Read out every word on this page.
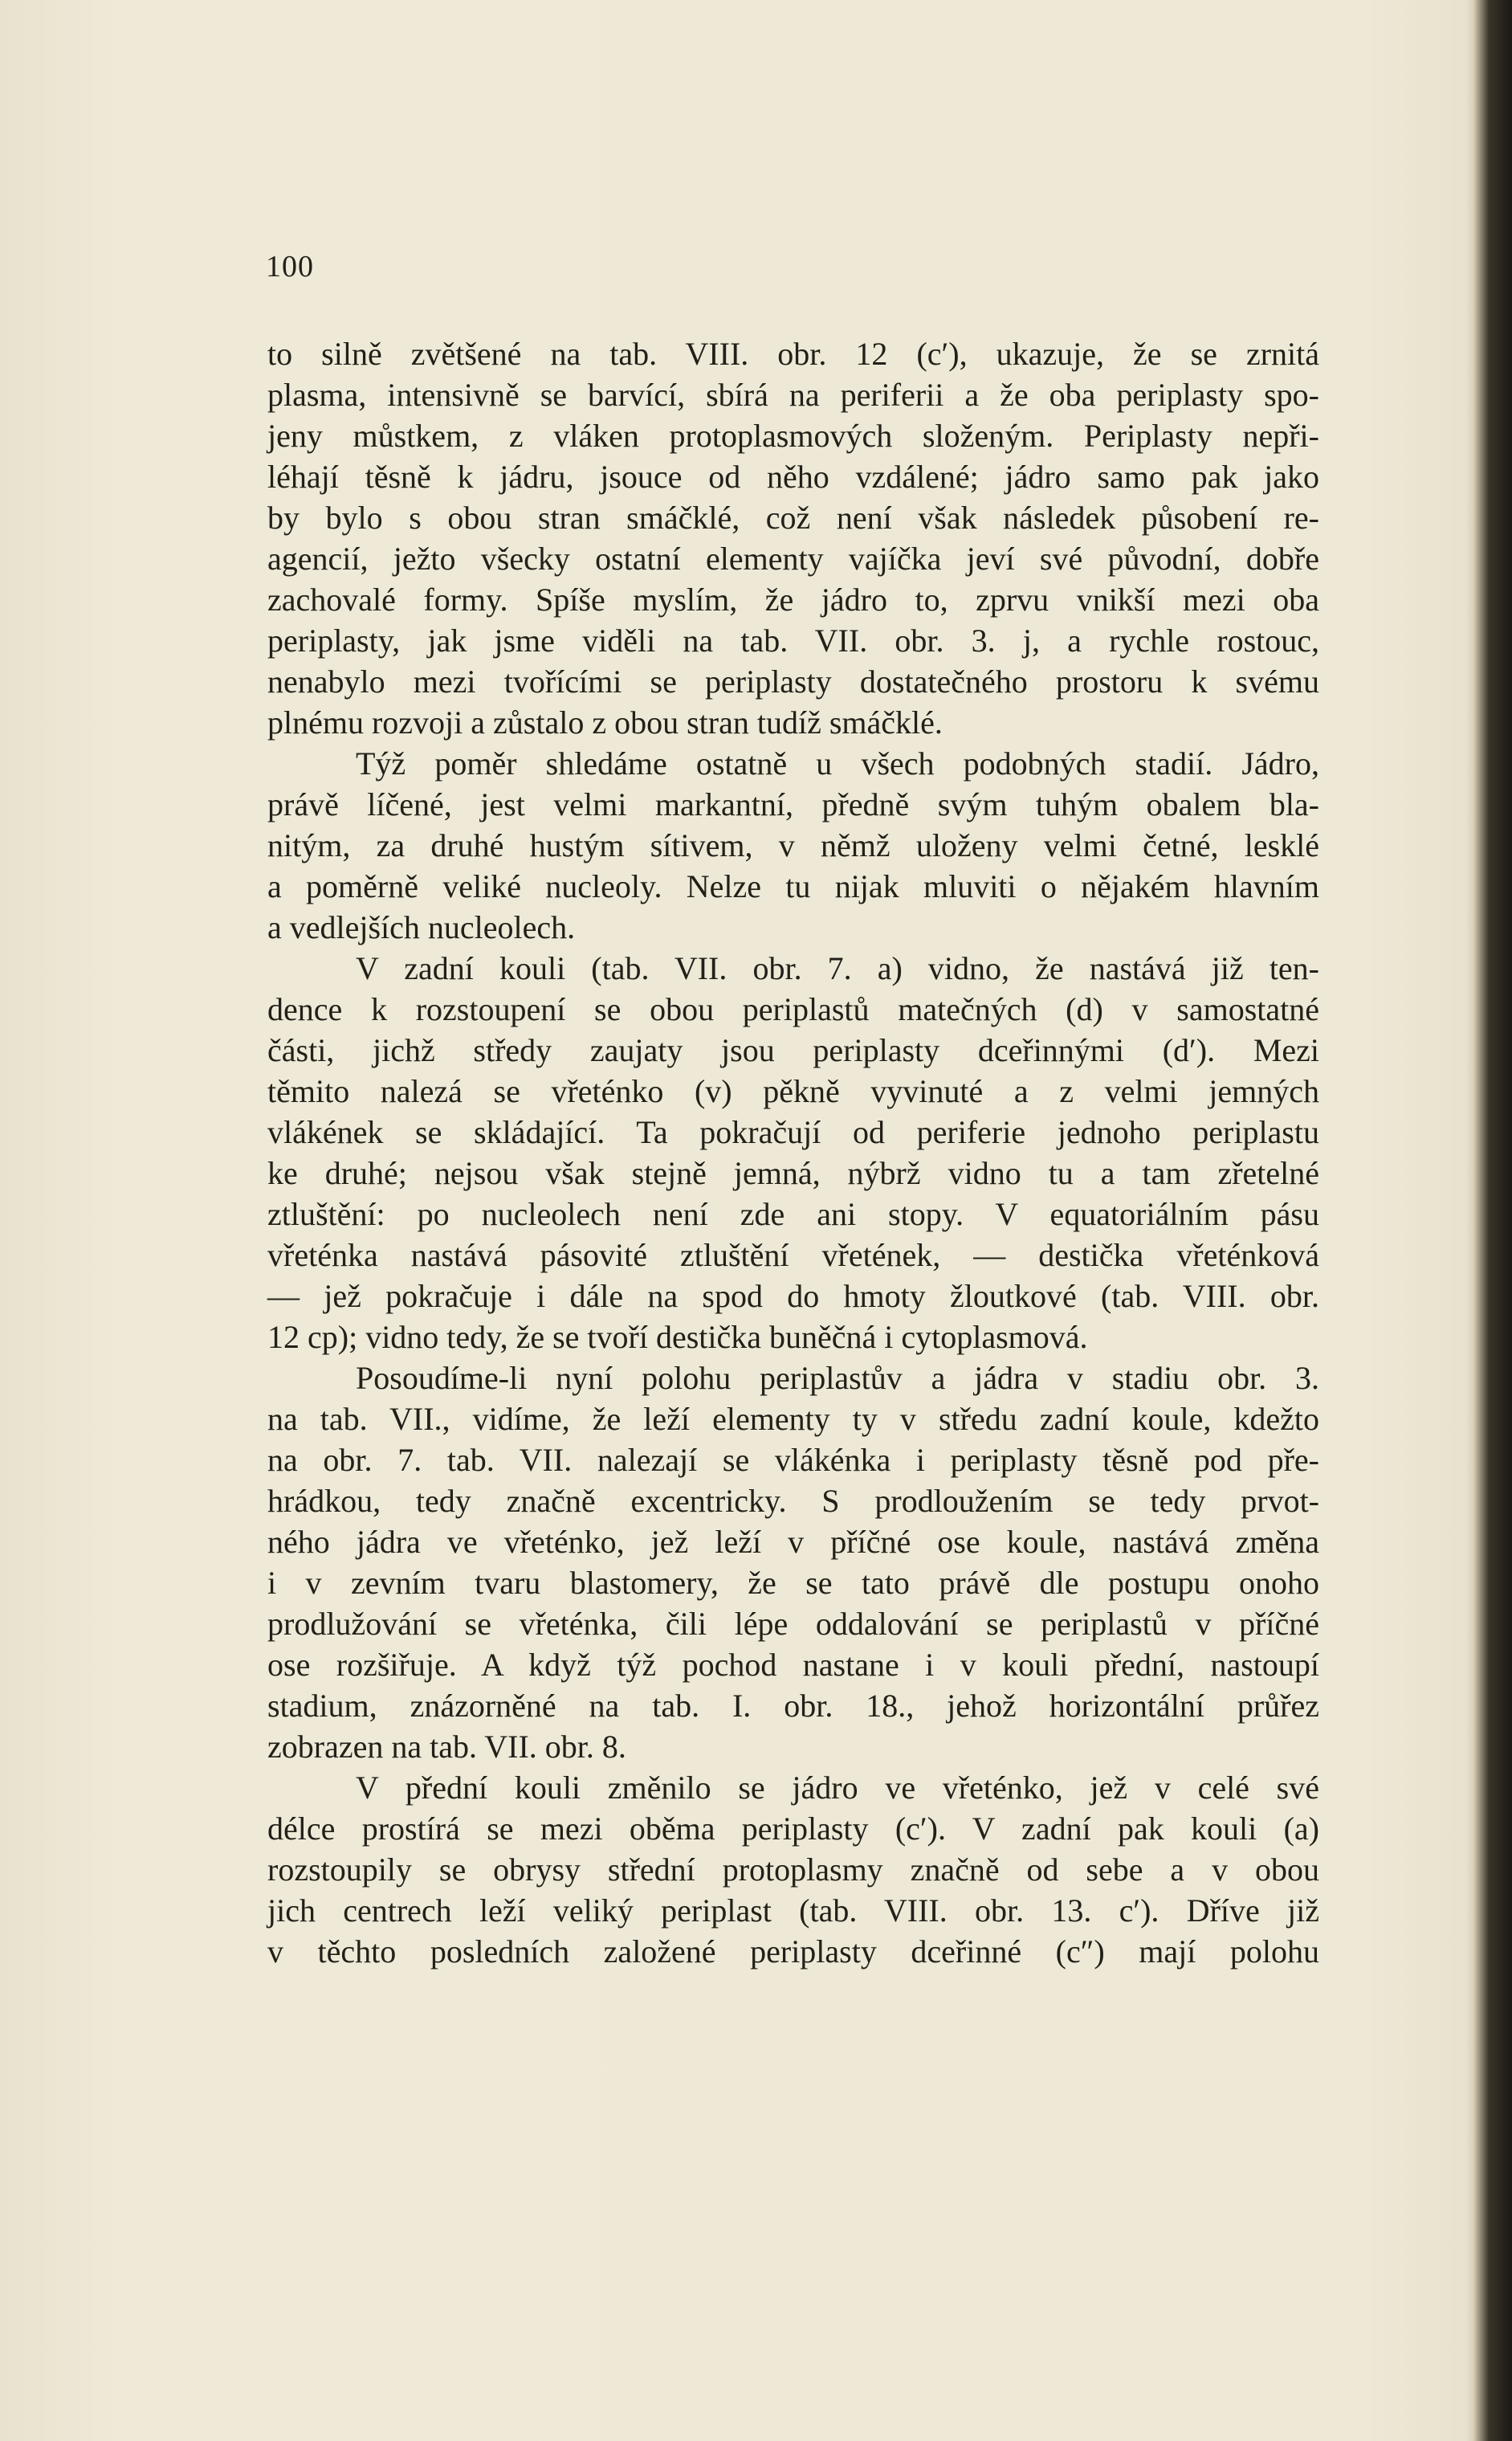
100
to silně zvětšené na tab. VIII. obr. 12 (c′), ukazuje, že se zrnitá
plasma, intensivně se barvící, sbírá na periferii a že oba periplasty spo-
jeny můstkem, z vláken protoplasmových složeným. Periplasty nepři-
léhají těsně k jádru, jsouce od něho vzdálené; jádro samo pak jako
by bylo s obou stran smáčklé, což není však následek působení re-
agencií, ježto všecky ostatní elementy vajíčka jeví své původní, dobře
zachovalé formy. Spíše myslím, že jádro to, zprvu vnikší mezi oba
periplasty, jak jsme viděli na tab. VII. obr. 3. j, a rychle rostouc,
nenabylo mezi tvořícími se periplasty dostatečného prostoru k svému
plnému rozvoji a zůstalo z obou stran tudíž smáčklé.
Týž poměr shledáme ostatně u všech podobných stadií. Jádro,
právě líčené, jest velmi markantní, předně svým tuhým obalem bla-
nitým, za druhé hustým sítivem, v němž uloženy velmi četné, lesklé
a poměrně veliké nucleoly. Nelze tu nijak mluviti o nějakém hlavním
a vedlejších nucleolech.
V zadní kouli (tab. VII. obr. 7. a) vidno, že nastává již ten-
dence k rozstoupení se obou periplastů matečných (d) v samostatné
části, jichž středy zaujaty jsou periplasty dceřinnými (d′). Mezi
těmito nalezá se vřeténko (v) pěkně vyvinuté a z velmi jemných
vlákének se skládající. Ta pokračují od periferie jednoho periplastu
ke druhé; nejsou však stejně jemná, nýbrž vidno tu a tam zřetelné
ztluštění: po nucleolech není zde ani stopy. V equatoriálním pásu
vřeténka nastává pásovité ztluštění vřetének, — destička vřeténková
— jež pokračuje i dále na spod do hmoty žloutkové (tab. VIII. obr.
12 cp); vidno tedy, že se tvoří destička buněčná i cytoplasmová.
Posoudíme-li nyní polohu periplastův a jádra v stadiu obr. 3.
na tab. VII., vidíme, že leží elementy ty v středu zadní koule, kdežto
na obr. 7. tab. VII. nalezají se vlákénka i periplasty těsně pod pře-
hrádkou, tedy značně excentricky. S prodloužením se tedy prvot-
ného jádra ve vřeténko, jež leží v příčné ose koule, nastává změna
i v zevním tvaru blastomery, že se tato právě dle postupu onoho
prodlužování se vřeténka, čili lépe oddalování se periplastů v příčné
ose rozšiřuje. A když týž pochod nastane i v kouli přední, nastoupí
stadium, znázorněné na tab. I. obr. 18., jehož horizontální průřez
zobrazen na tab. VII. obr. 8.
V přední kouli změnilo se jádro ve vřeténko, jež v celé své
délce prostírá se mezi oběma periplasty (c′). V zadní pak kouli (a)
rozstoupily se obrysy střední protoplasmy značně od sebe a v obou
jich centrech leží veliký periplast (tab. VIII. obr. 13. c′). Dříve již
v těchto posledních založené periplasty dceřinné (c″) mají polohu
